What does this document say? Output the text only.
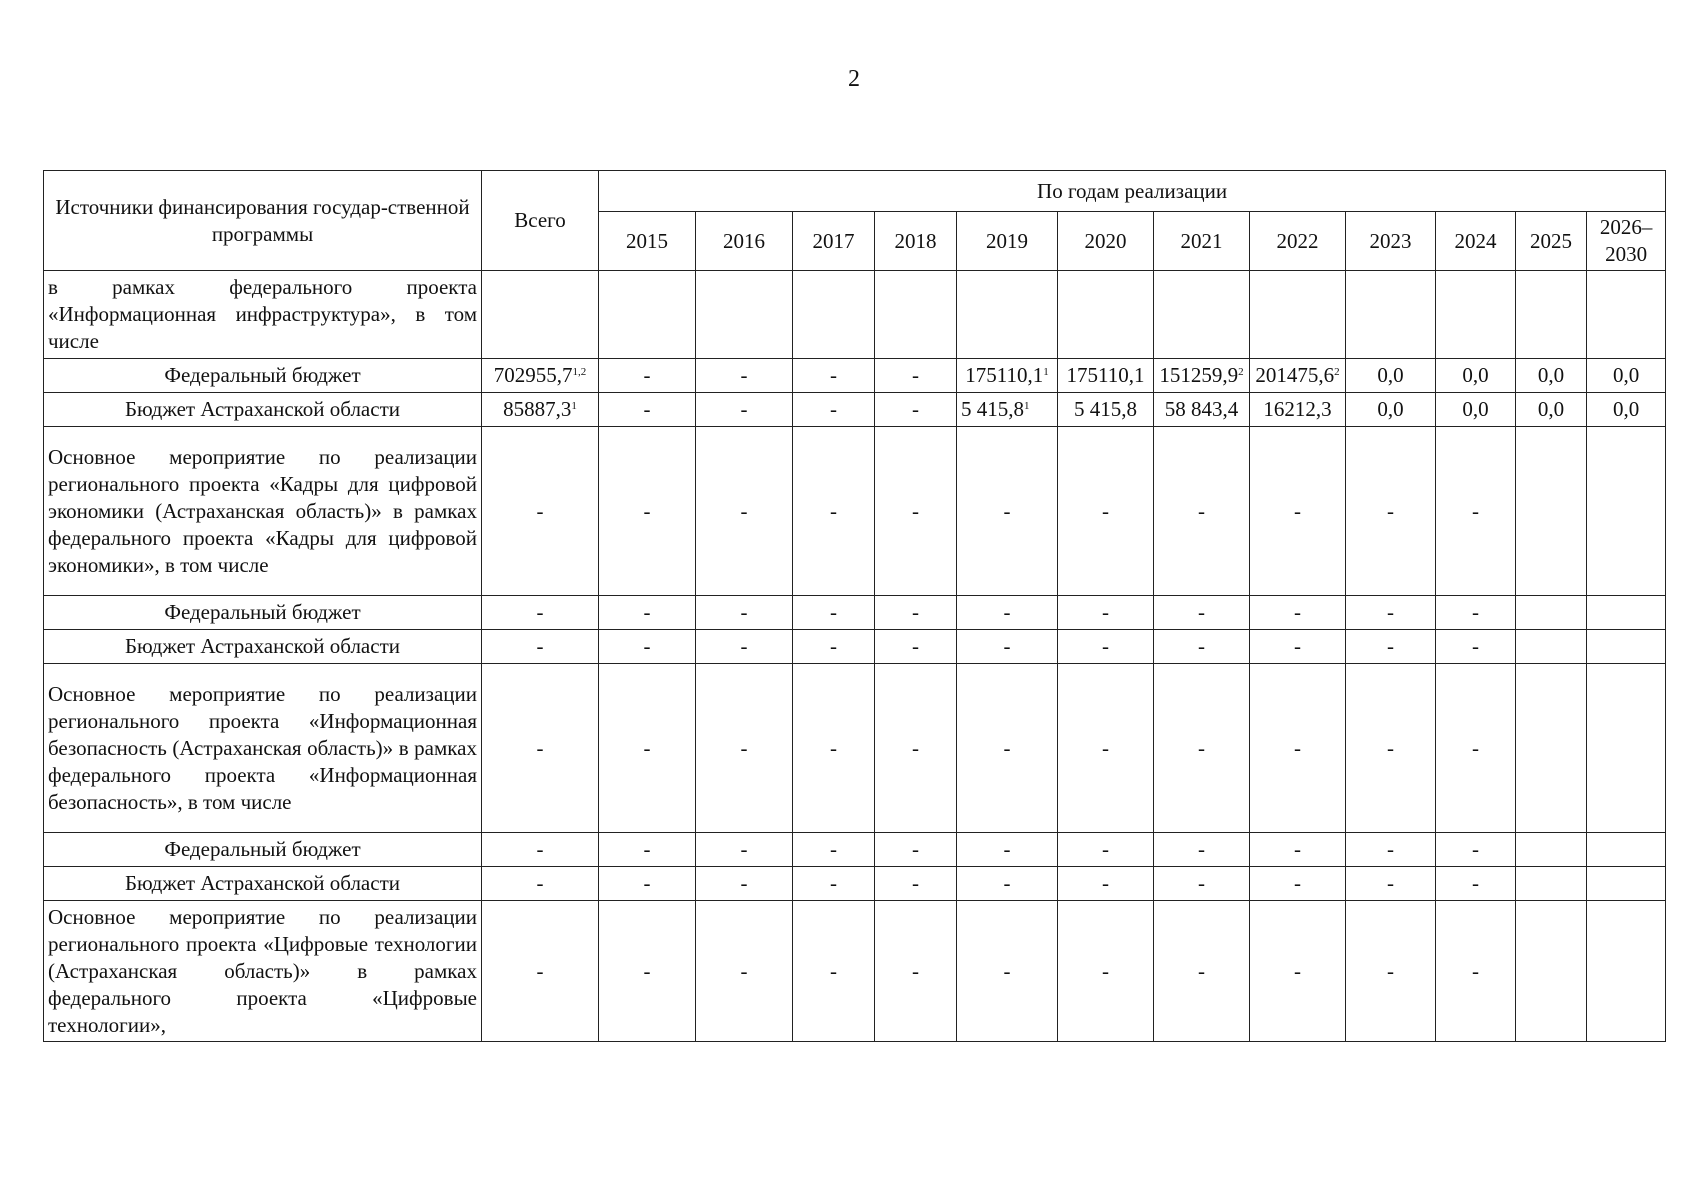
2
Источники финансирования государ-ственной программы	Всего	По годам реализации											
		2015	2016	2017	2018	2019	2020	2021	2022	2023	2024	2025	2026–2030
в рамках федерального проекта «Информационная инфраструктура», в том числе													
Федеральный бюджет	702955,7$^{1,2}$	-	-	-	-	175110,1$^1$	175110,1	151259,9$^2$	201475,6$^2$	0,0	0,0	0,0	0,0
Бюджет Астраханской области	85887,3$^1$	-	-	-	-	5 415,8$^1$	5 415,8	58 843,4	16212,3	0,0	0,0	0,0	0,0
Основное мероприятие по реализации регионального проекта «Кадры для цифровой экономики (Астраханская область)» в рамках федерального проекта «Кадры для цифровой экономики», в том числе	-	-	-	-	-	-	-	-	-	-	-		
Федеральный бюджет	-	-	-	-	-	-	-	-	-	-	-		
Бюджет Астраханской области	-	-	-	-	-	-	-	-	-	-	-		
Основное мероприятие по реализации регионального проекта «Информационная безопасность (Астраханская область)» в рамках федерального проекта «Информационная безопасность», в том числе	-	-	-	-	-	-	-	-	-	-	-		
Федеральный бюджет	-	-	-	-	-	-	-	-	-	-	-		
Бюджет Астраханской области	-	-	-	-	-	-	-	-	-	-	-		
Основное мероприятие по реализации регионального проекта «Цифровые технологии (Астраханская область)» в рамках федерального проекта «Цифровые технологии»,	-	-	-	-	-	-	-	-	-	-	-		
